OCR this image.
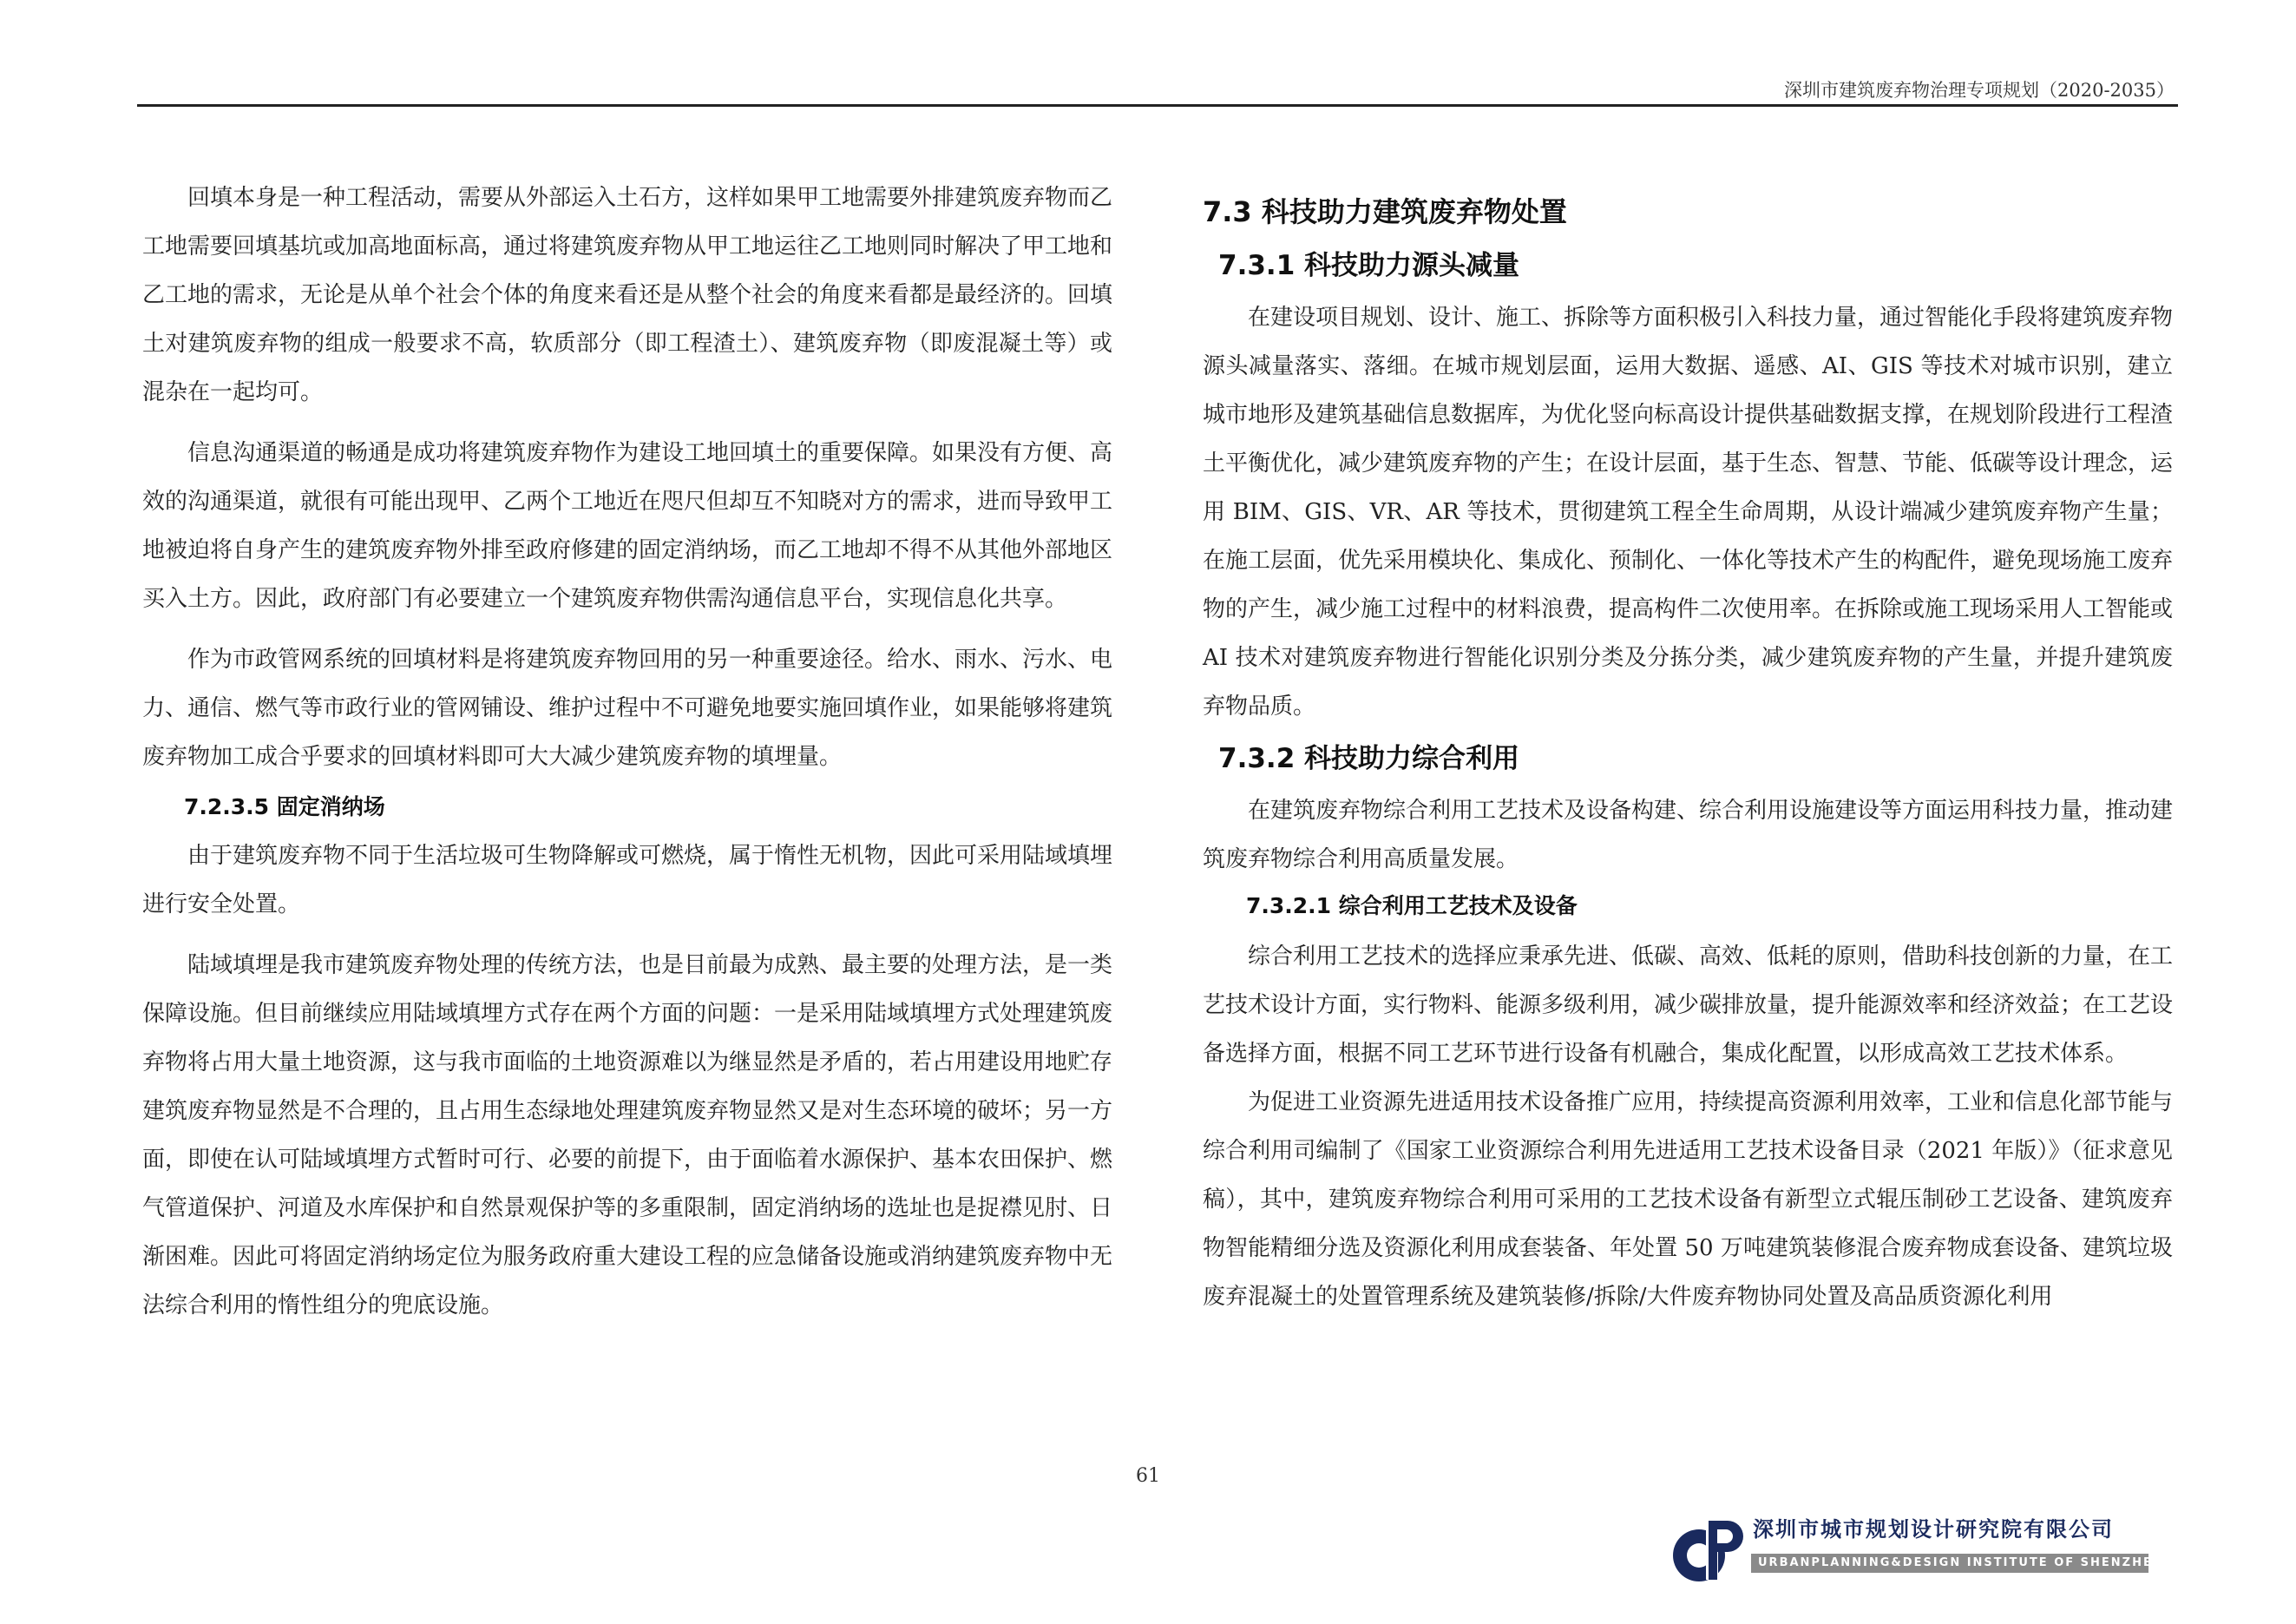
深圳市建筑废弃物治理专项规划（2020-2035）

回填本身是一种工程活动，需要从外部运入土石方，这样如果甲工地需要外排建筑废弃物而乙工地需要回填基坑或加高地面标高，通过将建筑废弃物从甲工地运往乙工地则同时解决了甲工地和乙工地的需求，无论是从单个社会个体的角度来看还是从整个社会的角度来看都是最经济的。回填土对建筑废弃物的组成一般要求不高，软质部分（即工程渣土）、建筑废弃物（即废混凝土等）或混杂在一起均可。

信息沟通渠道的畅通是成功将建筑废弃物作为建设工地回填土的重要保障。如果没有方便、高效的沟通渠道，就很有可能出现甲、乙两个工地近在咫尺但却互不知晓对方的需求，进而导致甲工地被迫将自身产生的建筑废弃物外排至政府修建的固定消纳场，而乙工地却不得不从其他外部地区买入土方。因此，政府部门有必要建立一个建筑废弃物供需沟通信息平台，实现信息化共享。

作为市政管网系统的回填材料是将建筑废弃物回用的另一种重要途径。给水、雨水、污水、电力、通信、燃气等市政行业的管网铺设、维护过程中不可避免地要实施回填作业，如果能够将建筑废弃物加工成合乎要求的回填材料即可大大减少建筑废弃物的填埋量。

7.2.3.5 固定消纳场

由于建筑废弃物不同于生活垃圾可生物降解或可燃烧，属于惰性无机物，因此可采用陆域填埋进行安全处置。

陆域填埋是我市建筑废弃物处理的传统方法，也是目前最为成熟、最主要的处理方法，是一类保障设施。但目前继续应用陆域填埋方式存在两个方面的问题：一是采用陆域填埋方式处理建筑废弃物将占用大量土地资源，这与我市面临的土地资源难以为继显然是矛盾的，若占用建设用地贮存建筑废弃物显然是不合理的，且占用生态绿地处理建筑废弃物显然又是对生态环境的破坏；另一方面，即使在认可陆域填埋方式暂时可行、必要的前提下，由于面临着水源保护、基本农田保护、燃气管道保护、河道及水库保护和自然景观保护等的多重限制，固定消纳场的选址也是捉襟见肘、日渐困难。因此可将固定消纳场定位为服务政府重大建设工程的应急储备设施或消纳建筑废弃物中无法综合利用的惰性组分的兜底设施。

7.3 科技助力建筑废弃物处置
7.3.1 科技助力源头减量

在建设项目规划、设计、施工、拆除等方面积极引入科技力量，通过智能化手段将建筑废弃物源头减量落实、落细。在城市规划层面，运用大数据、遥感、AI、GIS 等技术对城市识别，建立城市地形及建筑基础信息数据库，为优化竖向标高设计提供基础数据支撑，在规划阶段进行工程渣土平衡优化，减少建筑废弃物的产生；在设计层面，基于生态、智慧、节能、低碳等设计理念，运用 BIM、GIS、VR、AR 等技术，贯彻建筑工程全生命周期，从设计端减少建筑废弃物产生量；在施工层面，优先采用模块化、集成化、预制化、一体化等技术产生的构配件，避免现场施工废弃物的产生，减少施工过程中的材料浪费，提高构件二次使用率。在拆除或施工现场采用人工智能或 AI 技术对建筑废弃物进行智能化识别分类及分拣分类，减少建筑废弃物的产生量，并提升建筑废弃物品质。

7.3.2 科技助力综合利用

在建筑废弃物综合利用工艺技术及设备构建、综合利用设施建设等方面运用科技力量，推动建筑废弃物综合利用高质量发展。

7.3.2.1 综合利用工艺技术及设备

综合利用工艺技术的选择应秉承先进、低碳、高效、低耗的原则，借助科技创新的力量，在工艺技术设计方面，实行物料、能源多级利用，减少碳排放量，提升能源效率和经济效益；在工艺设备选择方面，根据不同工艺环节进行设备有机融合，集成化配置，以形成高效工艺技术体系。

为促进工业资源先进适用技术设备推广应用，持续提高资源利用效率，工业和信息化部节能与综合利用司编制了《国家工业资源综合利用先进适用工艺技术设备目录（2021 年版）》（征求意见稿），其中，建筑废弃物综合利用可采用的工艺技术设备有新型立式辊压制砂工艺设备、建筑废弃物智能精细分选及资源化利用成套装备、年处置 50 万吨建筑装修混合废弃物成套设备、建筑垃圾废弃混凝土的处置管理系统及建筑装修/拆除/大件废弃物协同处置及高品质资源化利用

61
深圳市城市规划设计研究院有限公司
URBANPLANNING&DESIGN INSTITUTE OF SHENZHEN
